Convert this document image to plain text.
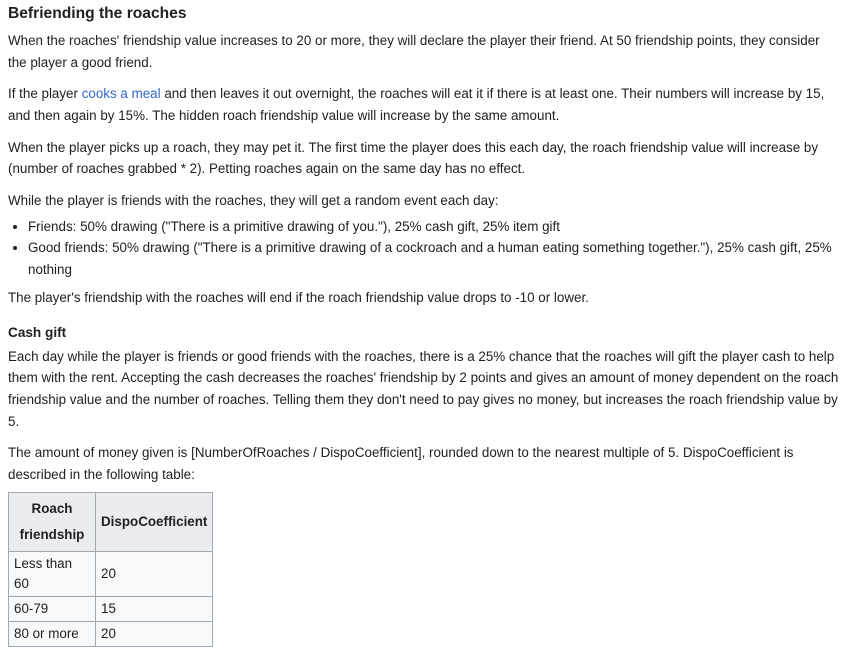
Befriending the roaches

When the roaches' friendship value increases to 20 or more, they will declare the player their friend. At 50 friendship points, they consider the player a good friend.

If the player cooks a meal and then leaves it out overnight, the roaches will eat it if there is at least one. Their numbers will increase by 15, and then again by 15%. The hidden roach friendship value will increase by the same amount.

When the player picks up a roach, they may pet it. The first time the player does this each day, the roach friendship value will increase by (number of roaches grabbed * 2). Petting roaches again on the same day has no effect.

While the player is friends with the roaches, they will get a random event each day:

• Friends: 50% drawing ("There is a primitive drawing of you."), 25% cash gift, 25% item gift
• Good friends: 50% drawing ("There is a primitive drawing of a cockroach and a human eating something together."), 25% cash gift, 25% nothing

The player's friendship with the roaches will end if the roach friendship value drops to -10 or lower.

Cash gift

Each day while the player is friends or good friends with the roaches, there is a 25% chance that the roaches will gift the player cash to help them with the rent. Accepting the cash decreases the roaches' friendship by 2 points and gives an amount of money dependent on the roach friendship value and the number of roaches. Telling them they don't need to pay gives no money, but increases the roach friendship value by 5.

The amount of money given is [NumberOfRoaches / DispoCoefficient], rounded down to the nearest multiple of 5. DispoCoefficient is described in the following table:

Roach friendship	DispoCoefficient
Less than 60	20
60-79	15
80 or more	20
